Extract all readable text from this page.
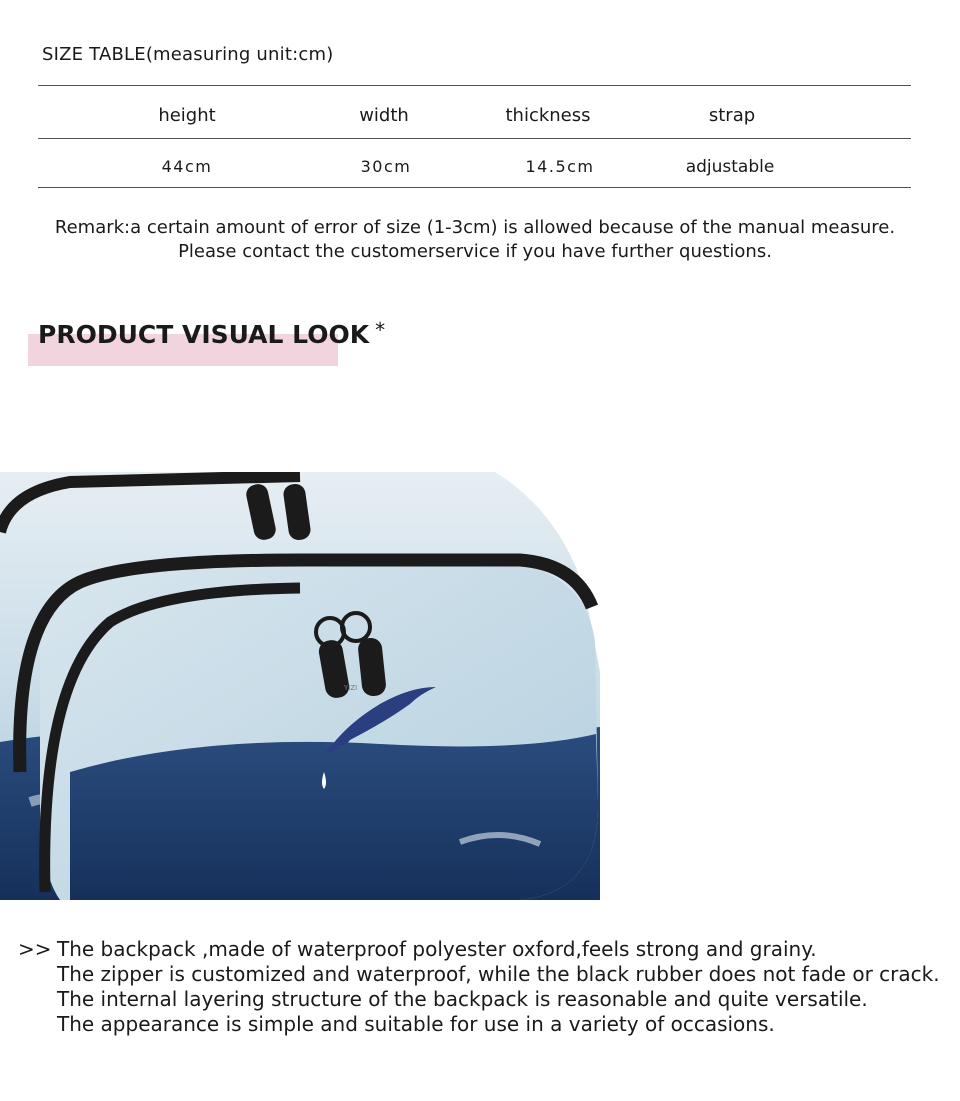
SIZE TABLE(measuring unit:cm)
height	width	thickness	strap
44cm	30cm	14.5cm	adjustable
Remark:a certain amount of error of size (1-3cm) is allowed because of the manual measure.
Please contact the customerservice if you have further questions.
PRODUCT VISUAL LOOK *
YIZI
>> The backpack ,made of waterproof polyester oxford,feels strong and grainy.
The zipper is customized and waterproof, while the black rubber does not fade or crack.
The internal layering structure of the backpack is reasonable and quite versatile.
The appearance is simple and suitable for use in a variety of occasions.
